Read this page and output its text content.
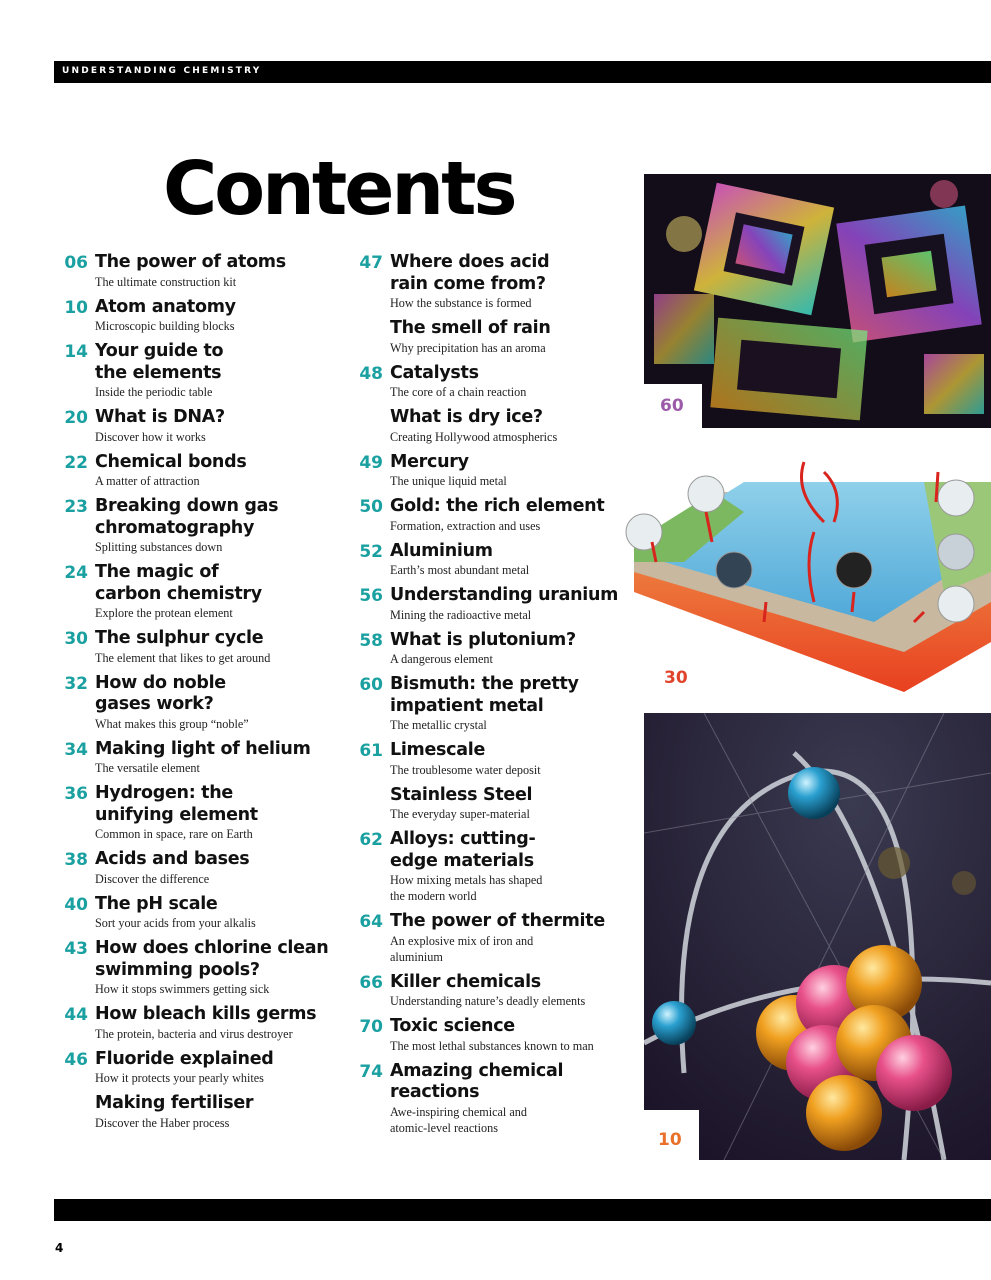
UNDERSTANDING CHEMISTRY
Contents
06 The power of atoms
The ultimate construction kit
10 Atom anatomy
Microscopic building blocks
14 Your guide to the elements
Inside the periodic table
20 What is DNA?
Discover how it works
22 Chemical bonds
A matter of attraction
23 Breaking down gas chromatography
Splitting substances down
24 The magic of carbon chemistry
Explore the protean element
30 The sulphur cycle
The element that likes to get around
32 How do noble gases work?
What makes this group “noble”
34 Making light of helium
The versatile element
36 Hydrogen: the unifying element
Common in space, rare on Earth
38 Acids and bases
Discover the difference
40 The pH scale
Sort your acids from your alkalis
43 How does chlorine clean swimming pools?
How it stops swimmers getting sick
44 How bleach kills germs
The protein, bacteria and virus destroyer
46 Fluoride explained
How it protects your pearly whites
Making fertiliser
Discover the Haber process
47 Where does acid rain come from?
How the substance is formed
The smell of rain
Why precipitation has an aroma
48 Catalysts
The core of a chain reaction
What is dry ice?
Creating Hollywood atmospherics
49 Mercury
The unique liquid metal
50 Gold: the rich element
Formation, extraction and uses
52 Aluminium
Earth’s most abundant metal
56 Understanding uranium
Mining the radioactive metal
58 What is plutonium?
A dangerous element
60 Bismuth: the pretty impatient metal
The metallic crystal
61 Limescale
The troublesome water deposit
Stainless Steel
The everyday super-material
62 Alloys: cutting-edge materials
How mixing metals has shaped the modern world
64 The power of thermite
An explosive mix of iron and aluminium
66 Killer chemicals
Understanding nature’s deadly elements
70 Toxic science
The most lethal substances known to man
74 Amazing chemical reactions
Awe-inspiring chemical and atomic-level reactions
60
30
10
4
